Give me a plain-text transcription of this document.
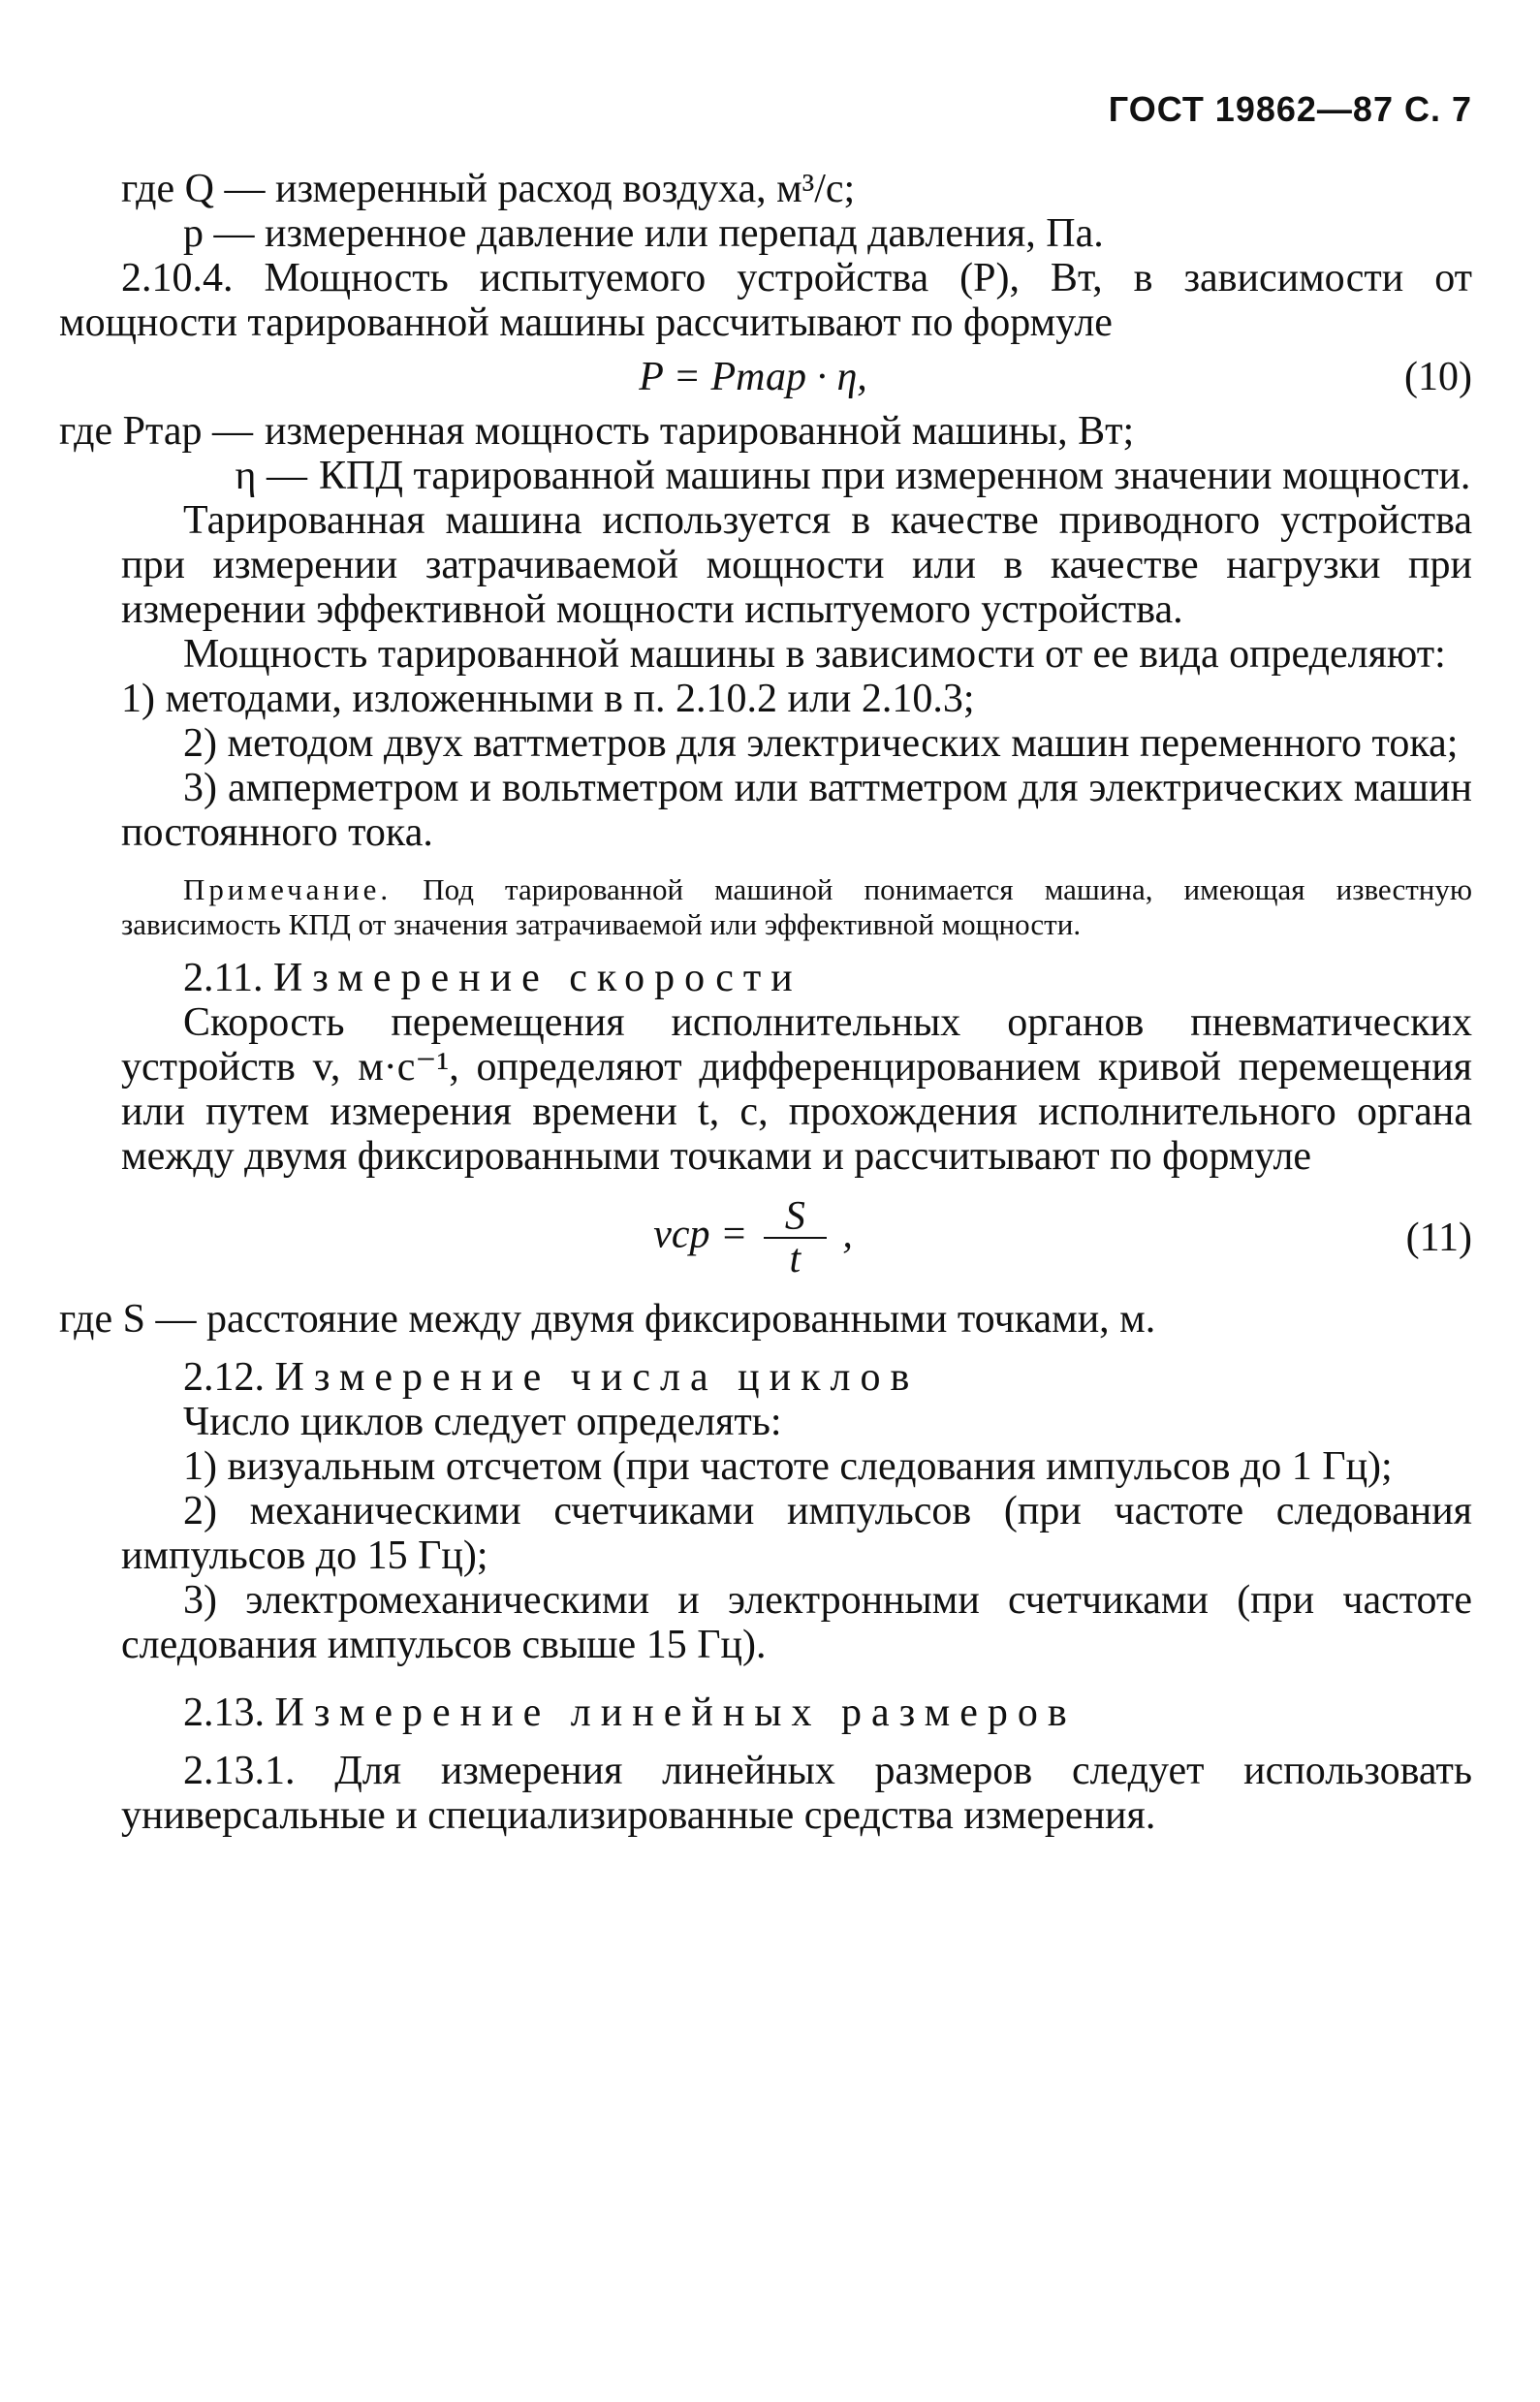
ГОСТ 19862—87 С. 7

где Q — измеренный расход воздуха, м³/с;

p — измеренное давление или перепад давления, Па.

2.10.4. Мощность испытуемого устройства (P), Вт, в зависимости от мощности тарированной машины рассчитывают по формуле

P = Pтар · η,	(10)
где Pтар — измеренная мощность тарированной машины, Вт;
η — КПД тарированной машины при измеренном значении мощности.

Тарированная машина используется в качестве приводного устройства при измерении затрачиваемой мощности или в качестве нагрузки при измерении эффективной мощности испытуемого устройства.

Мощность тарированной машины в зависимости от ее вида определяют:

1) методами, изложенными в п. 2.10.2 или 2.10.3;

2) методом двух ваттметров для электрических машин переменного тока;

3) амперметром и вольтметром или ваттметром для электрических машин постоянного тока.

Примечание. Под тарированной машиной понимается машина, имеющая известную зависимость КПД от значения затрачиваемой или эффективной мощности.

2.11. Измерение скорости

Скорость перемещения исполнительных органов пневматических устройств v, м·с⁻¹, определяют дифференцированием кривой перемещения или путем измерения времени t, с, прохождения исполнительного органа между двумя фиксированными точками и рассчитывают по формуле

vср = $\frac{S}{t}$ ,	(11)

где S — расстояние между двумя фиксированными точками, м.

2.12. Измерение числа циклов

Число циклов следует определять:

1) визуальным отсчетом (при частоте следования импульсов до 1 Гц);

2) механическими счетчиками импульсов (при частоте следования импульсов до 15 Гц);

3) электромеханическими и электронными счетчиками (при частоте следования импульсов свыше 15 Гц).

2.13. Измерение линейных размеров

2.13.1. Для измерения линейных размеров следует использовать универсальные и специализированные средства измерения.
